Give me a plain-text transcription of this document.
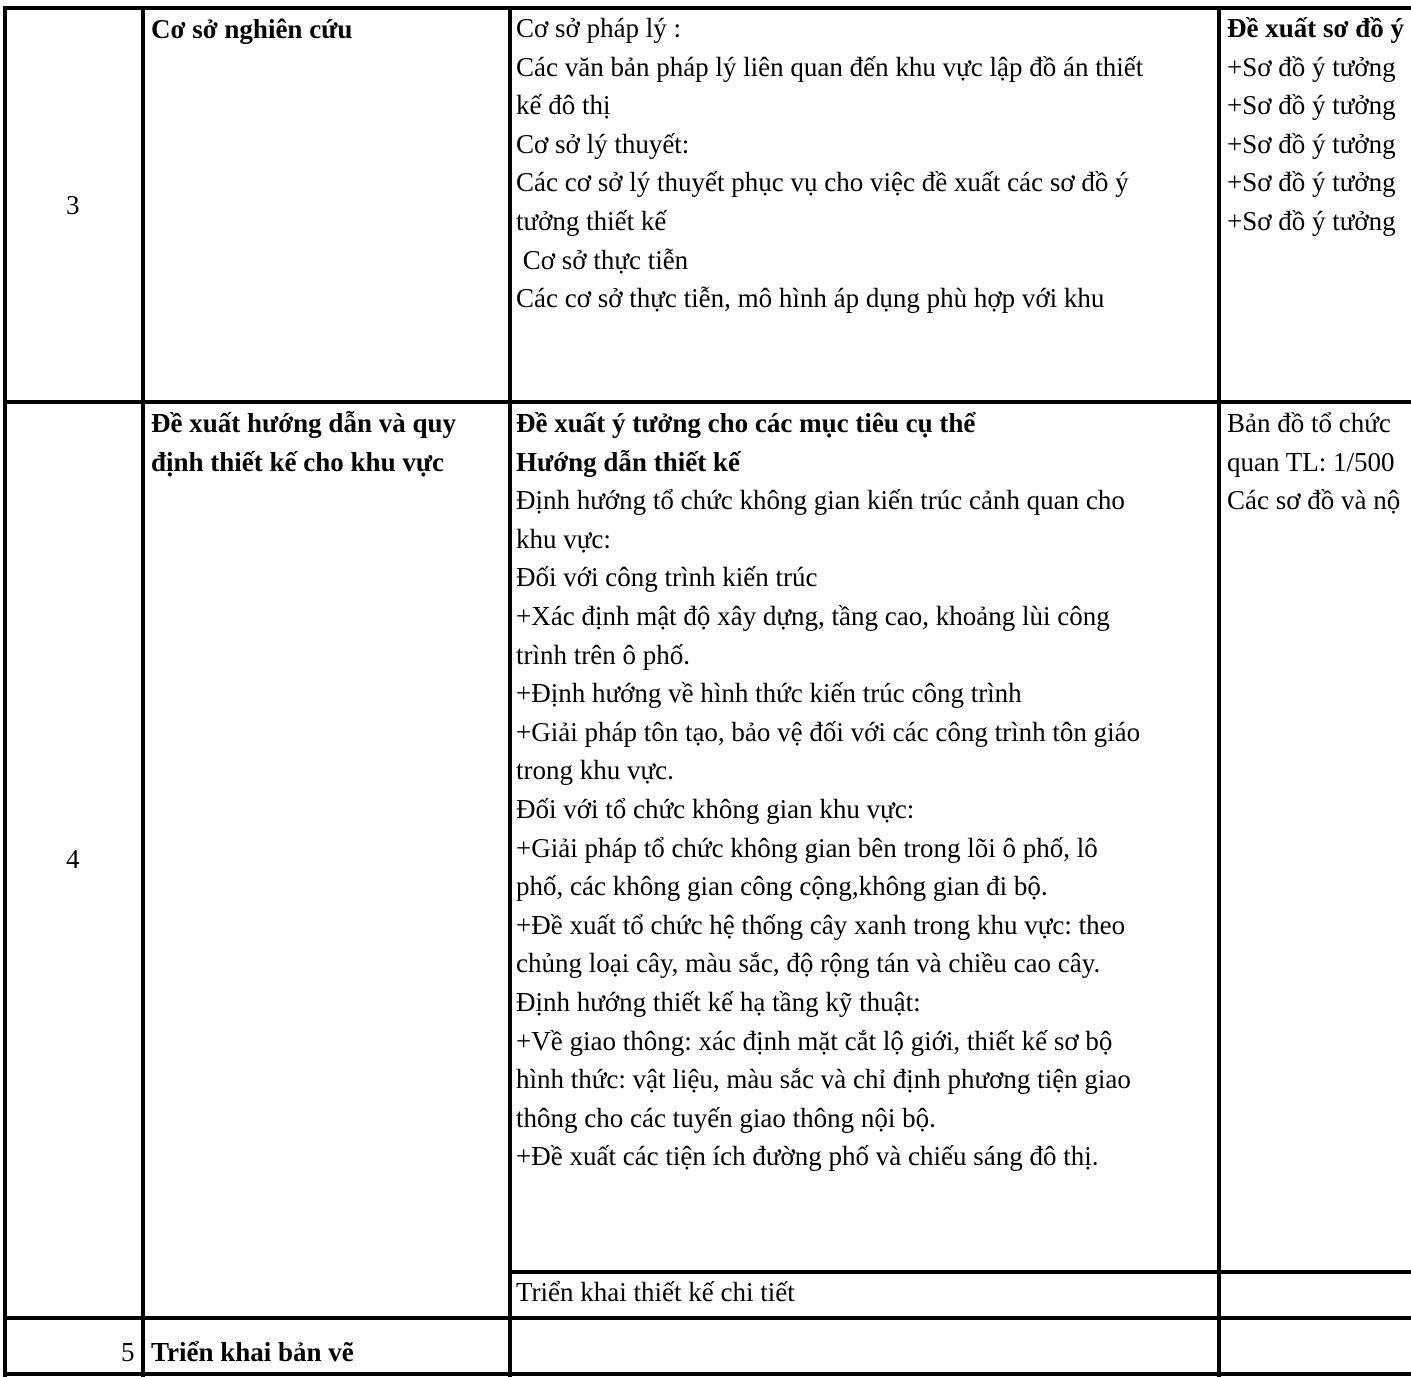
3
Cơ sở nghiên cứu	Cơ sở pháp lý :
Các văn bản pháp lý liên quan đến khu vực lập đồ án thiết
kế đô thị
Cơ sở lý thuyết:
Các cơ sở lý thuyết phục vụ cho việc đề xuất các sơ đồ ý
tưởng thiết kế
Cơ sở thực tiễn
Các cơ sở thực tiễn, mô hình áp dụng phù hợp với khu
Đề xuất sơ đồ ý
+Sơ đồ ý tưởng
+Sơ đồ ý tưởng
+Sơ đồ ý tưởng
+Sơ đồ ý tưởng
+Sơ đồ ý tưởng
4
Đề xuất hướng dẫn và quy
định thiết kế cho khu vực
Đề xuất ý tưởng cho các mục tiêu cụ thể
Hướng dẫn thiết kế
Định hướng tổ chức không gian kiến trúc cảnh quan cho
khu vực:
Đối với công trình kiến trúc
+Xác định mật độ xây dựng, tầng cao, khoảng lùi công
trình trên ô phố.
+Định hướng về hình thức kiến trúc công trình
+Giải pháp tôn tạo, bảo vệ đối với các công trình tôn giáo
trong khu vực.
Đối với tổ chức không gian khu vực:
+Giải pháp tổ chức không gian bên trong lõi ô phố, lô
phố, các không gian công cộng,không gian đi bộ.
+Đề xuất tổ chức hệ thống cây xanh trong khu vực: theo
chủng loại cây, màu sắc, độ rộng tán và chiều cao cây.
Định hướng thiết kế hạ tầng kỹ thuật:
+Về giao thông: xác định mặt cắt lộ giới, thiết kế sơ bộ
hình thức: vật liệu, màu sắc và chỉ định phương tiện giao
thông cho các tuyến giao thông nội bộ.
+Đề xuất các tiện ích đường phố và chiếu sáng đô thị.
Bản đồ tổ chức
quan TL: 1/500
Các sơ đồ và nộ
Triển khai thiết kế chi tiết
5 Triển khai bản vẽ
